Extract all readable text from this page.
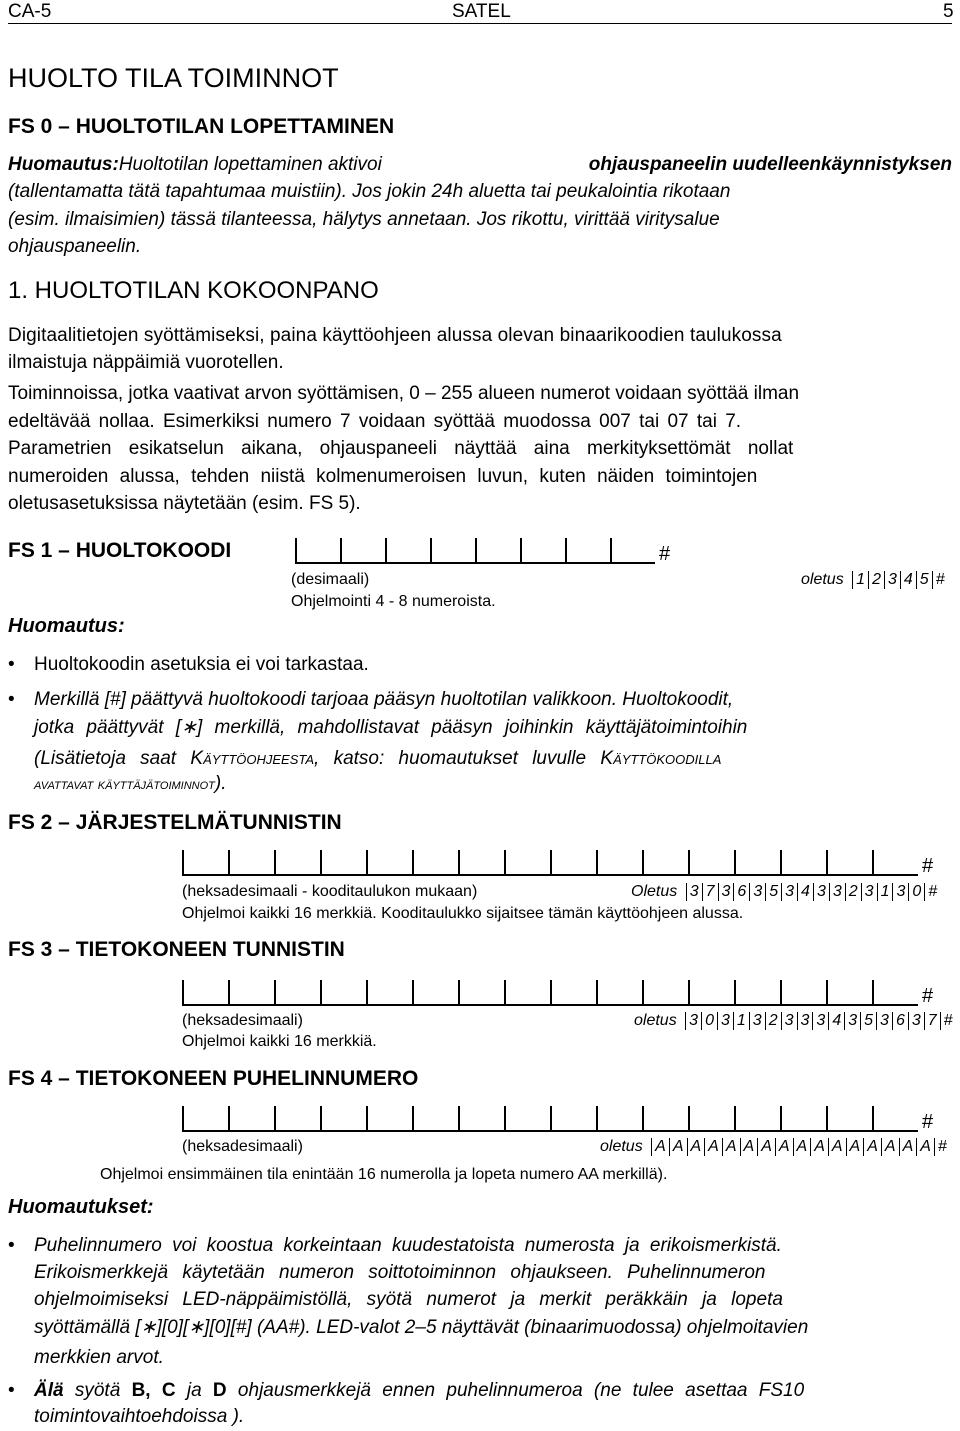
CA-5	SATEL	5
HUOLTO TILA TOIMINNOT
FS 0 – HUOLTOTILAN LOPETTAMINEN
Huomautus:Huoltotilan lopettaminen aktivoi	ohjauspaneelin uudelleenkäynnistyksen
(tallentamatta tätä tapahtumaa muistiin). Jos jokin 24h aluetta tai peukalointia rikotaan
(esim. ilmaisimien) tässä tilanteessa, hälytys annetaan. Jos rikottu, virittää viritysalue
ohjauspaneelin.
1. HUOLTOTILAN KOKOONPANO
Digitaalitietojen syöttämiseksi, paina käyttöohjeen alussa olevan binaarikoodien taulukossa
ilmaistuja näppäimiä vuorotellen.
Toiminnoissa, jotka vaativat arvon syöttämisen, 0 – 255 alueen numerot voidaan syöttää ilman
edeltävää nollaa. Esimerkiksi numero 7 voidaan syöttää muodossa 007 tai 07 tai 7.
Parametrien esikatselun aikana, ohjauspaneeli näyttää aina merkityksettömät nollat
numeroiden alussa, tehden niistä kolmenumeroisen luvun, kuten näiden toimintojen
oletusasetuksissa näytetään (esim. FS 5).
FS 1 – HUOLTOKOODI	#
(desimaali)	oletus 1 2 3 4 5 #
Ohjelmointi 4 - 8 numeroista.
Huomautus:
• Huoltokoodin asetuksia ei voi tarkastaa.
• Merkillä [#] päättyvä huoltokoodi tarjoaa pääsyn huoltotilan valikkoon. Huoltokoodit,
jotka päättyvät [∗] merkillä, mahdollistavat pääsyn joihinkin käyttäjätoimintoihin
(Lisätietoja saat Käyttöohjeesta, katso: huomautukset luvulle Käyttökoodilla
avattavat käyttäjätoiminnot).
FS 2 – JÄRJESTELMÄTUNNISTIN
#
(heksadesimaali - kooditaulukon mukaan)	Oletus 3 7 3 6 3 5 3 4 3 3 2 3 1 3 0 #
Ohjelmoi kaikki 16 merkkiä. Kooditaulukko sijaitsee tämän käyttöohjeen alussa.
FS 3 – TIETOKONEEN TUNNISTIN
#
(heksadesimaali)	oletus 3 0 3 1 3 2 3 3 3 4 3 5 3 6 3 7 #
Ohjelmoi kaikki 16 merkkiä.
FS 4 – TIETOKONEEN PUHELINNUMERO
#
(heksadesimaali)	oletus A A A A A A A A A A A A A A A A #
Ohjelmoi ensimmäinen tila enintään 16 numerolla ja lopeta numero AA merkillä).
Huomautukset:
• Puhelinnumero voi koostua korkeintaan kuudestatoista numerosta ja erikoismerkistä.
Erikoismerkkejä käytetään numeron soittotoiminnon ohjaukseen. Puhelinnumeron
ohjelmoimiseksi LED-näppäimistöllä, syötä numerot ja merkit peräkkäin ja lopeta
syöttämällä [∗][0][∗][0][#] (AA#). LED-valot 2–5 näyttävät (binaarimuodossa) ohjelmoitavien
merkkien arvot.
• Älä syötä B, C ja D ohjausmerkkejä ennen puhelinnumeroa (ne tulee asettaa FS10
toimintovaihtoehdoissa ).
